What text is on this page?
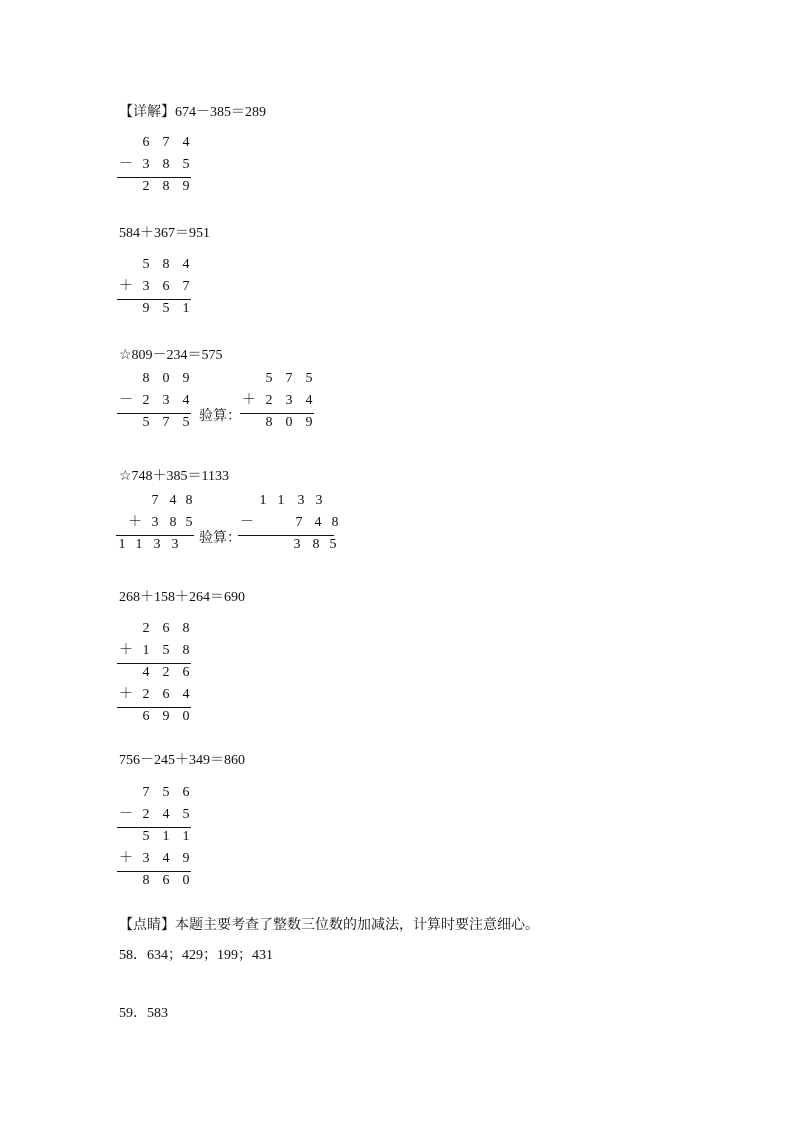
【详解】674－385＝289
6 7 4
－ 3 8 5
2 8 9
584＋367＝951
5 8 4
＋ 3 6 7
9 5 1
☆809－234＝575
8 0 9
－ 2 3 4
5 7 5 验算：
5 7 5
＋ 2 3 4
8 0 9
☆748＋385＝1133
7 4 8
＋ 3 8 5
1 1 3 3	验算：
1 1 3 3
－	7 4 8
3 8 5
268＋158＋264＝690
2 6 8
＋ 1 5 8
4 2 6
＋ 2 6 4
6 9 0
756－245＋349＝860
7 5 6
－ 2 4 5
5 1 1
＋ 3 4 9
8 6 0
【点睛】本题主要考查了整数三位数的加减法，计算时要注意细心。
58．634；429；199；431
59．583
